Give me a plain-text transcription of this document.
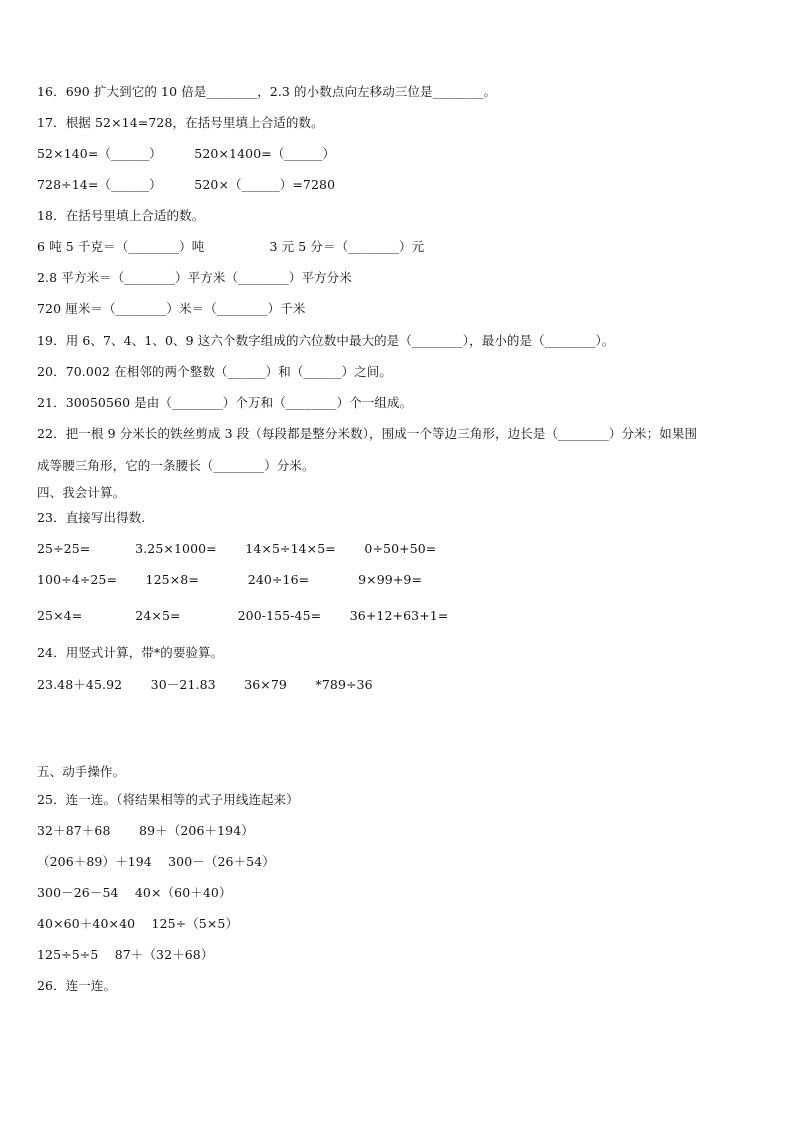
16．690 扩大到它的 10 倍是________，2.3 的小数点向左移动三位是________。
17．根据 52×14=728，在括号里填上合适的数。
52×140=（______）        520×1400=（______）
728÷14=（______）        520×（______）=7280
18．在括号里填上合适的数。
6 吨 5 千克＝（________）吨                3 元 5 分＝（________）元
2.8 平方米＝（________）平方米（________）平方分米
720 厘米＝（________）米＝（________）千米
19．用 6、7、4、1、0、9 这六个数字组成的六位数中最大的是（________），最小的是（________）。
20．70.002 在相邻的两个整数（______）和（______）之间。
21．30050560 是由（________）个万和（________）个一组成。
22．把一根 9 分米长的铁丝剪成 3 段（每段都是整分米数），围成一个等边三角形，边长是（________）分米；如果围
成等腰三角形，它的一条腰长（________）分米。
四、我会计算。
23．直接写出得数.
25÷25=           3.25×1000=       14×5÷14×5=       0÷50+50=
100÷4÷25=       125×8=            240÷16=            9×99+9=
25×4=             24×5=              200-155-45=       36+12+63+1=
24．用竖式计算，带*的要验算。
23.48＋45.92       30－21.83       36×79       *789÷36
五、动手操作。
25．连一连。（将结果相等的式子用线连起来）
32＋87＋68       89＋（206＋194）
（206＋89）＋194    300－（26＋54）
300－26－54    40×（60＋40）
40×60＋40×40    125÷（5×5）
125÷5÷5    87＋（32＋68）
26．连一连。
